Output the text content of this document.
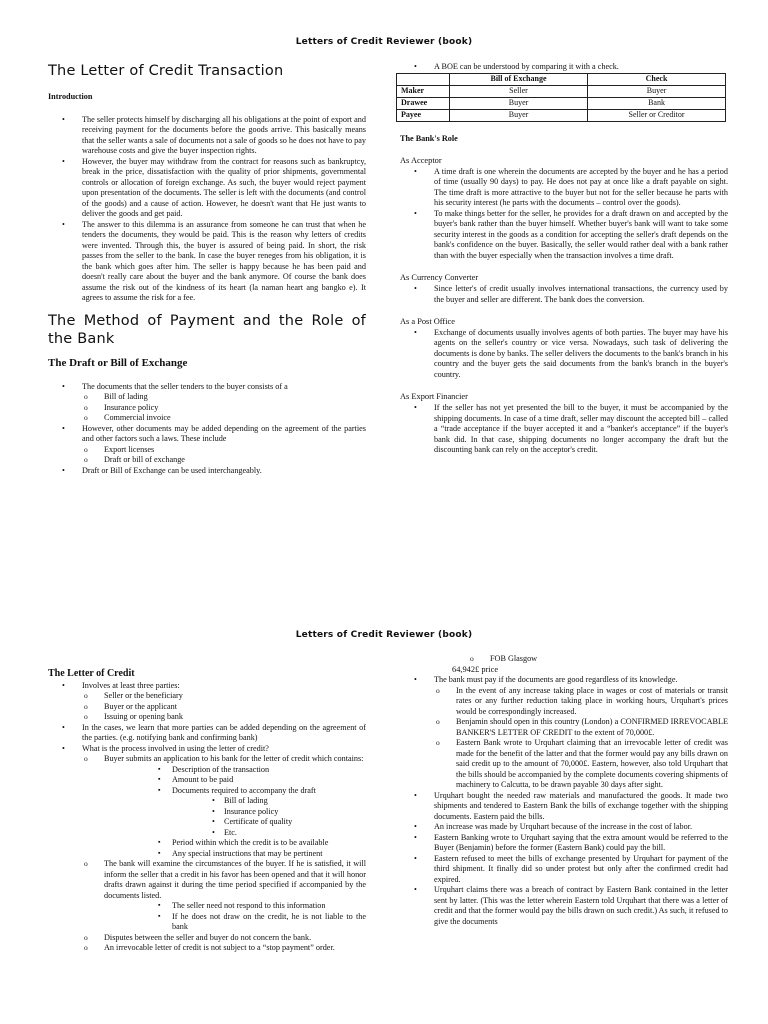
Letters of Credit Reviewer (book)
The Letter of Credit Transaction

Introduction

• The seller protects himself by discharging all his obligations at the point of export and receiving payment for the documents before the goods arrive. This basically means that the seller wants a sale of documents not a sale of goods so he does not have to pay warehouse costs and give the buyer inspection rights.
• However, the buyer may withdraw from the contract for reasons such as bankruptcy, break in the price, dissatisfaction with the quality of prior shipments, governmental controls or allocation of foreign exchange. As such, the buyer would reject payment upon presentation of the documents. The seller is left with the documents (and control of the goods) and a cause of action. However, he doesn't want that He just wants to deliver the goods and get paid.
• The answer to this dilemma is an assurance from someone he can trust that when he tenders the documents, they would be paid. This is the reason why letters of credits were invented. Through this, the buyer is assured of being paid. In short, the risk passes from the seller to the bank. In case the buyer reneges from his obligation, it is the bank which goes after him. The seller is happy because he has been paid and doesn't really care about the buyer and the bank anymore. Of course the bank does assume the risk out of the kindness of its heart (la naman heart ang bangko e). It agrees to assume the risk for a fee.
The Method of Payment and the Role of the Bank

The Draft or Bill of Exchange

• The documents that the seller tenders to the buyer consists of a
o Bill of lading
o Insurance policy
o Commercial invoice
• However, other documents may be added depending on the agreement of the parties and other factors such a laws. These include
o Export licenses
o Draft or bill of exchange
• Draft or Bill of Exchange can be used interchangeably.
• A BOE can be understood by comparing it with a check.
	Bill of Exchange	Check
Maker	Seller	Buyer
Drawee	Buyer	Bank
Payee	Buyer	Seller or Creditor

The Bank's Role

As Acceptor

• A time draft is one wherein the documents are accepted by the buyer and he has a period of time (usually 90 days) to pay. He does not pay at once like a draft payable on sight. The time draft is more attractive to the buyer but not for the seller because he parts with his security interest (he parts with the documents – control over the goods).
• To make things better for the seller, he provides for a draft drawn on and accepted by the buyer's bank rather than the buyer himself. Whether buyer's bank will want to take some security interest in the goods as a condition for accepting the seller's draft depends on the bank's confidence on the buyer. Basically, the seller would rather deal with a bank rather than with the buyer especially when the transaction involves a time draft.

As Currency Converter

• Since letter's of credit usually involves international transactions, the currency used by the buyer and seller are different. The bank does the conversion.

As a Post Office

• Exchange of documents usually involves agents of both parties. The buyer may have his agents on the seller's country or vice versa. Nowadays, such task of delivering the documents is done by banks. The seller delivers the documents to the bank's branch in his country and the buyer gets the said documents from the bank's branch in the buyer's country.

As Export Financier

• If the seller has not yet presented the bill to the buyer, it must be accompanied by the shipping documents. In case of a time draft, seller may discount the accepted bill – called a “trade acceptance if the buyer accepted it and a “banker's acceptance” if the buyer's bank did. In that case, shipping documents no longer accompany the draft but the discounting bank can rely on the acceptor's credit.
Letters of Credit Reviewer (book)

The Letter of Credit

• Involves at least three parties:
o Seller or the beneficiary
o Buyer or the applicant
o Issuing or opening bank
• In the cases, we learn that more parties can be added depending on the agreement of the parties. (e.g. notifying bank and confirming bank)
• What is the process involved in using the letter of credit?
o Buyer submits an application to his bank for the letter of credit which contains:
▪ Description of the transaction
▪ Amount to be paid
▪ Documents required to accompany the draft
• Bill of lading
• Insurance policy
• Certificate of quality
• Etc.
▪ Period within which the credit is to be available
▪ Any special instructions that may be pertinent
o The bank will examine the circumstances of the buyer. If he is satisfied, it will inform the seller that a credit in his favor has been opened and that it will honor drafts drawn against it during the time period specified if accompanied by the documents listed.
▪ The seller need not respond to this information
▪ If he does not draw on the credit, he is not liable to the bank
o Disputes between the seller and buyer do not concern the bank.
o An irrevocable letter of credit is not subject to a “stop payment” order.
o FOB Glasgow

64,942£ price

• The bank must pay if the documents are good regardless of its knowledge.
o In the event of any increase taking place in wages or cost of materials or transit rates or any further reduction taking place in working hours, Urquhart's prices would be correspondingly increased.
o Benjamin should open in this country (London) a CONFIRMED IRREVOCABLE BANKER'S LETTER OF CREDIT to the extent of 70,000£.
o Eastern Bank wrote to Urquhart claiming that an irrevocable letter of credit was made for the benefit of the latter and that the former would pay any bills drawn on said credit up to the amount of 70,000£. Eastern, however, also told Urquhart that the bills should be accompanied by the complete documents covering shipments of machinery to Calcutta, to be drawn payable 30 days after sight.
• Urquhart bought the needed raw materials and manufactured the goods. It made two shipments and tendered to Eastern Bank the bills of exchange together with the shipping documents. Eastern paid the bills.
• An increase was made by Urquhart because of the increase in the cost of labor.
• Eastern Banking wrote to Urquhart saying that the extra amount would be referred to the Buyer (Benjamin) before the former (Eastern Bank) could pay the bill.
• Eastern refused to meet the bills of exchange presented by Urquhart for payment of the third shipment. It finally did so under protest but only after the confirmed credit had expired.
• Urquhart claims there was a breach of contract by Eastern Bank contained in the letter sent by latter. (This was the letter wherein Eastern told Urquhart that there was a letter of credit and that the former would pay the bills drawn on such credit.) As such, it refused to give the documents
